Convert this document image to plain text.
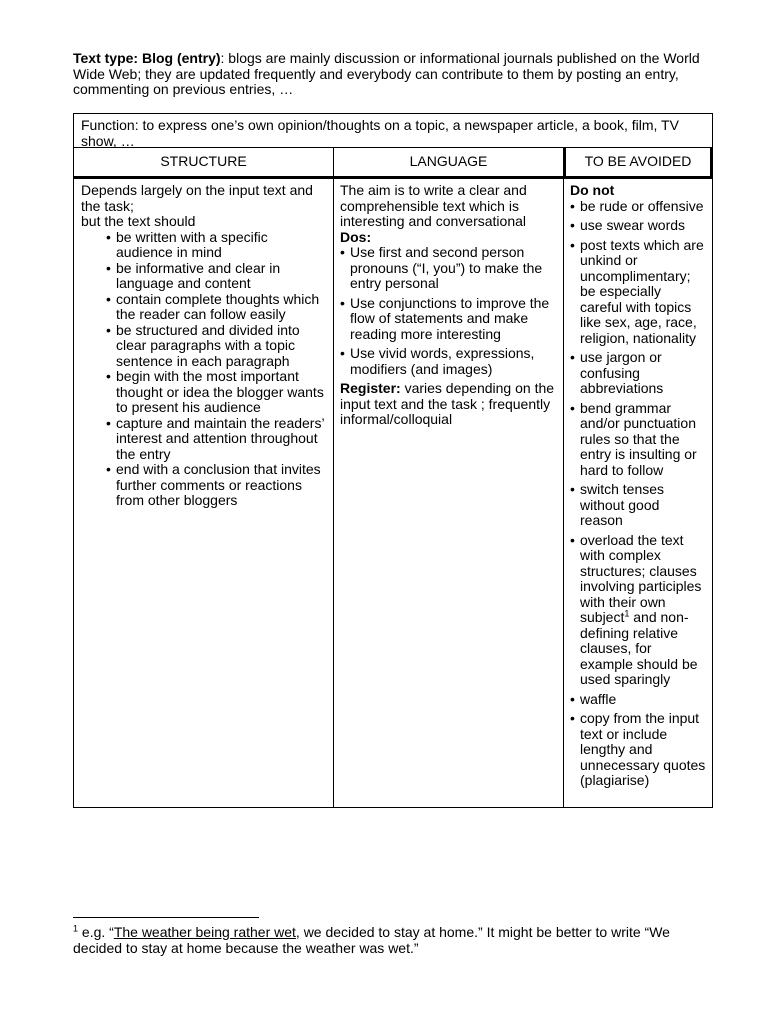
Text type: Blog (entry): blogs are mainly discussion or informational journals published on the World Wide Web; they are updated frequently and everybody can contribute to them by posting an entry, commenting on previous entries, …
Function: to express one’s own opinion/thoughts on a topic, a newspaper article, a book, film, TV show, …
STRUCTURE	LANGUAGE	TO BE AVOIDED

Depends largely on the input text and the task;

but the text should

• be written with a specific audience in mind
• be informative and clear in language and content
• contain complete thoughts which the reader can follow easily
• be structured and divided into clear paragraphs with a topic sentence in each paragraph
• begin with the most important thought or idea the blogger wants to present his audience
• capture and maintain the readers’ interest and attention throughout the entry
• end with a conclusion that invites further comments or reactions from other bloggers

The aim is to write a clear and comprehensible text which is interesting and conversational

Dos:

• Use first and second person pronouns (“I, you”) to make the entry personal
• Use conjunctions to improve the flow of statements and make reading more interesting
• Use vivid words, expressions, modifiers (and images)

Register: varies depending on the input text and the task ; frequently informal/colloquial

Do not

• be rude or offensive
• use swear words
• post texts which are unkind or uncomplimentary; be especially careful with topics like sex, age, race, religion, nationality
• use jargon or confusing abbreviations
• bend grammar and/or punctuation rules so that the entry is insulting or hard to follow
• switch tenses without good reason
• overload the text with complex structures; clauses involving participles with their own subject$^1$ and non-defining relative clauses, for example should be used sparingly
• waffle
• copy from the input text or include lengthy and unnecessary quotes (plagiarise)
$^1$ e.g. “The weather being rather wet, we decided to stay at home.” It might be better to write “We decided to stay at home because the weather was wet.”
